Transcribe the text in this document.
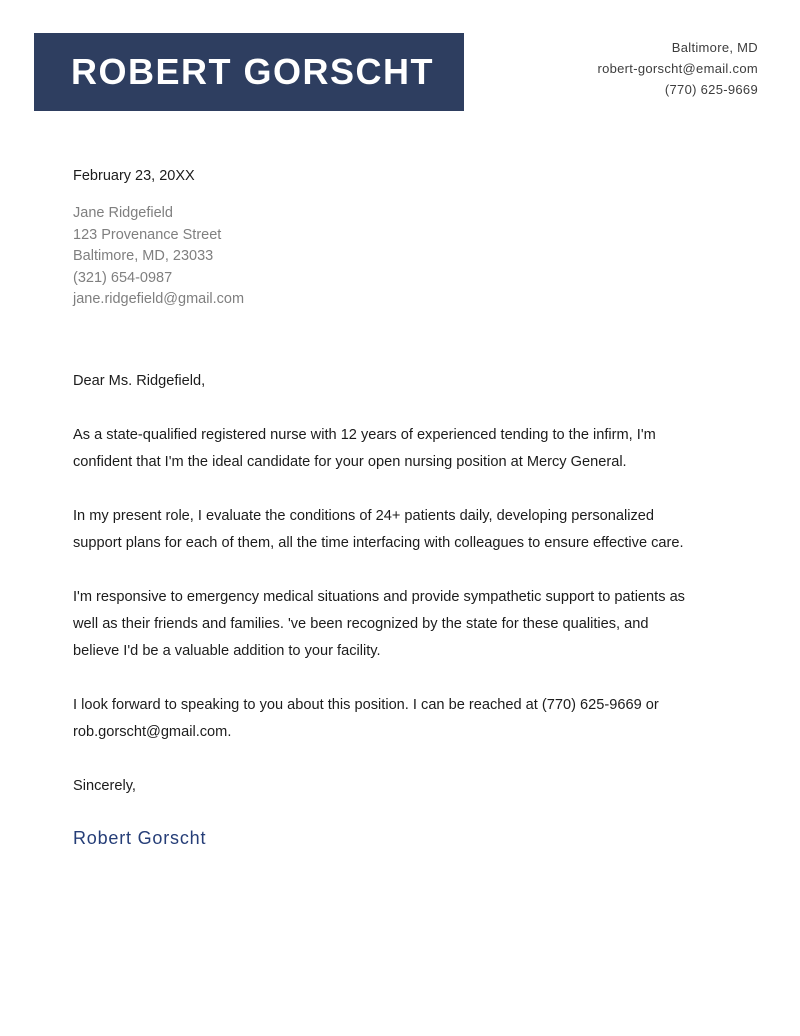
ROBERT GORSCHT
Baltimore, MD
robert-gorscht@email.com
(770) 625-9669
February 23, 20XX
Jane Ridgefield
123 Provenance Street
Baltimore, MD, 23033
(321) 654-0987
jane.ridgefield@gmail.com
Dear Ms. Ridgefield,

As a state-qualified registered nurse with 12 years of experienced tending to the infirm, I'm confident that I'm the ideal candidate for your open nursing position at Mercy General.

In my present role, I evaluate the conditions of 24+ patients daily, developing personalized support plans for each of them, all the time interfacing with colleagues to ensure effective care.

I'm responsive to emergency medical situations and provide sympathetic support to patients as well as their friends and families. 've been recognized by the state for these qualities, and believe I'd be a valuable addition to your facility.

I look forward to speaking to you about this position. I can be reached at (770) 625-9669 or rob.gorscht@gmail.com.

Sincerely,
Robert Gorscht
